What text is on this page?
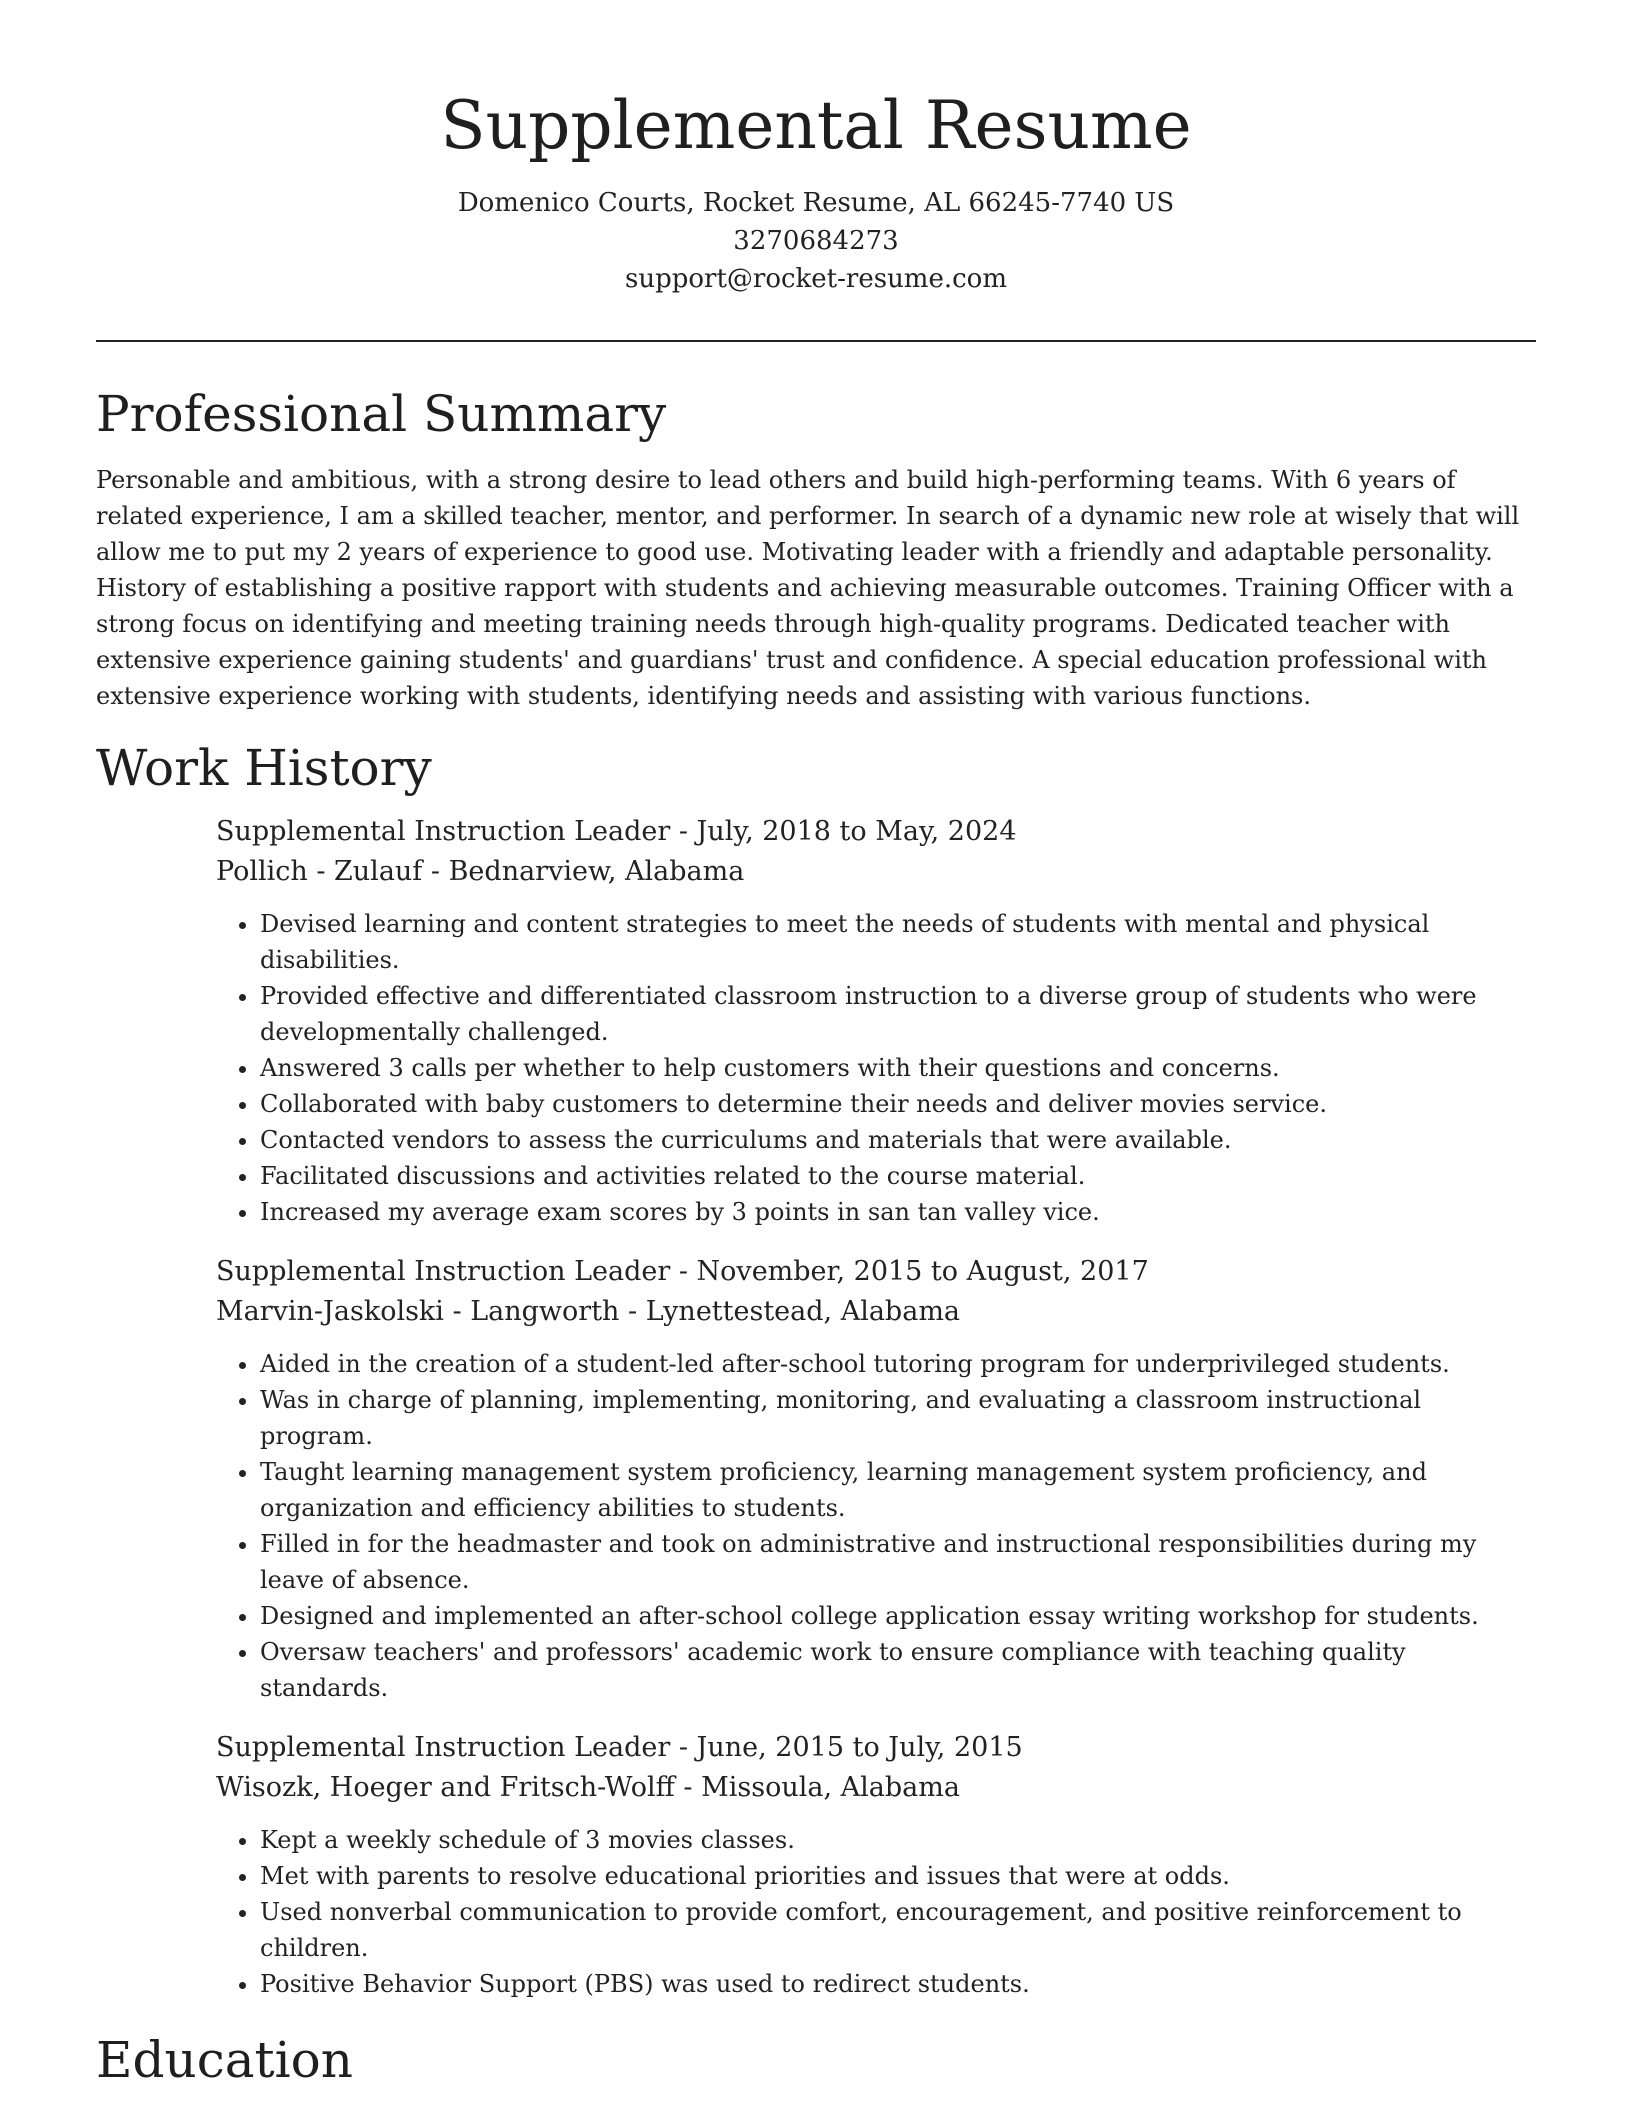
Supplemental Resume

Domenico Courts, Rocket Resume, AL 66245-7740 US

3270684273

support@rocket-resume.com

Professional Summary

Personable and ambitious, with a strong desire to lead others and build high-performing teams. With 6 years of related experience, I am a skilled teacher, mentor, and performer. In search of a dynamic new role at wisely that will allow me to put my 2 years of experience to good use. Motivating leader with a friendly and adaptable personality. History of establishing a positive rapport with students and achieving measurable outcomes. Training Officer with a strong focus on identifying and meeting training needs through high-quality programs. Dedicated teacher with extensive experience gaining students' and guardians' trust and confidence. A special education professional with extensive experience working with students, identifying needs and assisting with various functions.

Work History

Supplemental Instruction Leader - July, 2018 to May, 2024

Pollich - Zulauf - Bednarview, Alabama

• Devised learning and content strategies to meet the needs of students with mental and physical disabilities.
• Provided effective and differentiated classroom instruction to a diverse group of students who were developmentally challenged.
• Answered 3 calls per whether to help customers with their questions and concerns.
• Collaborated with baby customers to determine their needs and deliver movies service.
• Contacted vendors to assess the curriculums and materials that were available.
• Facilitated discussions and activities related to the course material.
• Increased my average exam scores by 3 points in san tan valley vice.

Supplemental Instruction Leader - November, 2015 to August, 2017

Marvin-Jaskolski - Langworth - Lynettestead, Alabama

• Aided in the creation of a student-led after-school tutoring program for underprivileged students.
• Was in charge of planning, implementing, monitoring, and evaluating a classroom instructional program.
• Taught learning management system proficiency, learning management system proficiency, and organization and efficiency abilities to students.
• Filled in for the headmaster and took on administrative and instructional responsibilities during my leave of absence.
• Designed and implemented an after-school college application essay writing workshop for students.
• Oversaw teachers' and professors' academic work to ensure compliance with teaching quality standards.

Supplemental Instruction Leader - June, 2015 to July, 2015

Wisozk, Hoeger and Fritsch-Wolff - Missoula, Alabama

• Kept a weekly schedule of 3 movies classes.
• Met with parents to resolve educational priorities and issues that were at odds.
• Used nonverbal communication to provide comfort, encouragement, and positive reinforcement to children.
• Positive Behavior Support (PBS) was used to redirect students.
Education
